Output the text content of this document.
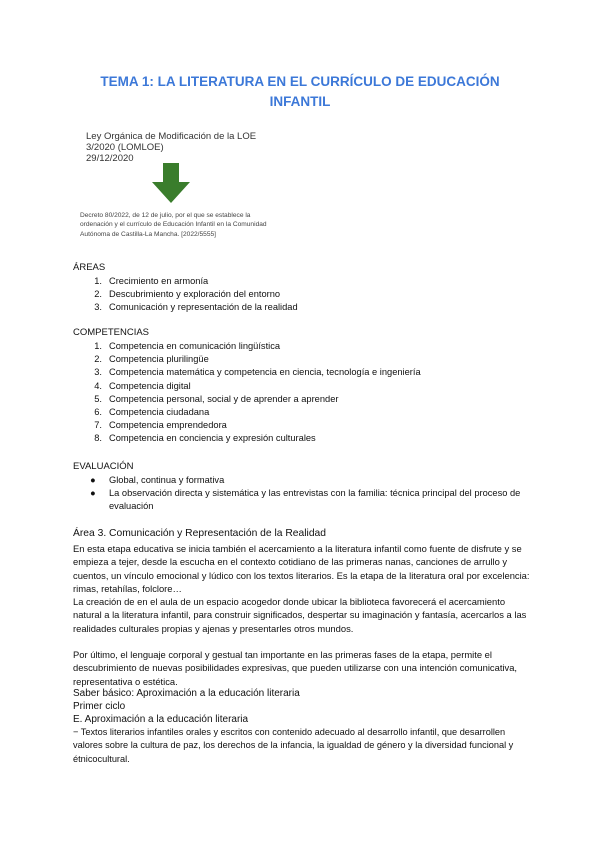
TEMA 1: LA LITERATURA EN EL CURRÍCULO DE EDUCACIÓN
INFANTIL
Ley Orgánica de Modificación de la LOE
3/2020 (LOMLOE)
29/12/2020
Decreto 80/2022, de 12 de julio, por el que se establece la
ordenación y el currículo de Educación Infantil en la Comunidad
Autónoma de Castilla-La Mancha. [2022/5555]
ÁREAS
1. Crecimiento en armonía
2. Descubrimiento y exploración del entorno
3. Comunicación y representación de la realidad
COMPETENCIAS
1. Competencia en comunicación lingüística
2. Competencia plurilingüe
3. Competencia matemática y competencia en ciencia, tecnología e ingeniería
4. Competencia digital
5. Competencia personal, social y de aprender a aprender
6. Competencia ciudadana
7. Competencia emprendedora
8. Competencia en conciencia y expresión culturales
EVALUACIÓN
● Global, continua y formativa
● La observación directa y sistemática y las entrevistas con la familia: técnica principal del proceso de evaluación
Área 3. Comunicación y Representación de la Realidad
En esta etapa educativa se inicia también el acercamiento a la literatura infantil como fuente de disfrute y se empieza a tejer, desde la escucha en el contexto cotidiano de las primeras nanas, canciones de arrullo y cuentos, un vínculo emocional y lúdico con los textos literarios. Es la etapa de la literatura oral por excelencia: rimas, retahílas, folclore…
La creación de en el aula de un espacio acogedor donde ubicar la biblioteca favorecerá el acercamiento natural a la literatura infantil, para construir significados, despertar su imaginación y fantasía, acercarlos a las realidades culturales propias y ajenas y presentarles otros mundos.
Por último, el lenguaje corporal y gestual tan importante en las primeras fases de la etapa, permite el descubrimiento de nuevas posibilidades expresivas, que pueden utilizarse con una intención comunicativa, representativa o estética.
Saber básico: Aproximación a la educación literaria
Primer ciclo
E. Aproximación a la educación literaria
− Textos literarios infantiles orales y escritos con contenido adecuado al desarrollo infantil, que desarrollen valores sobre la cultura de paz, los derechos de la infancia, la igualdad de género y la diversidad funcional y étnicocultural.
